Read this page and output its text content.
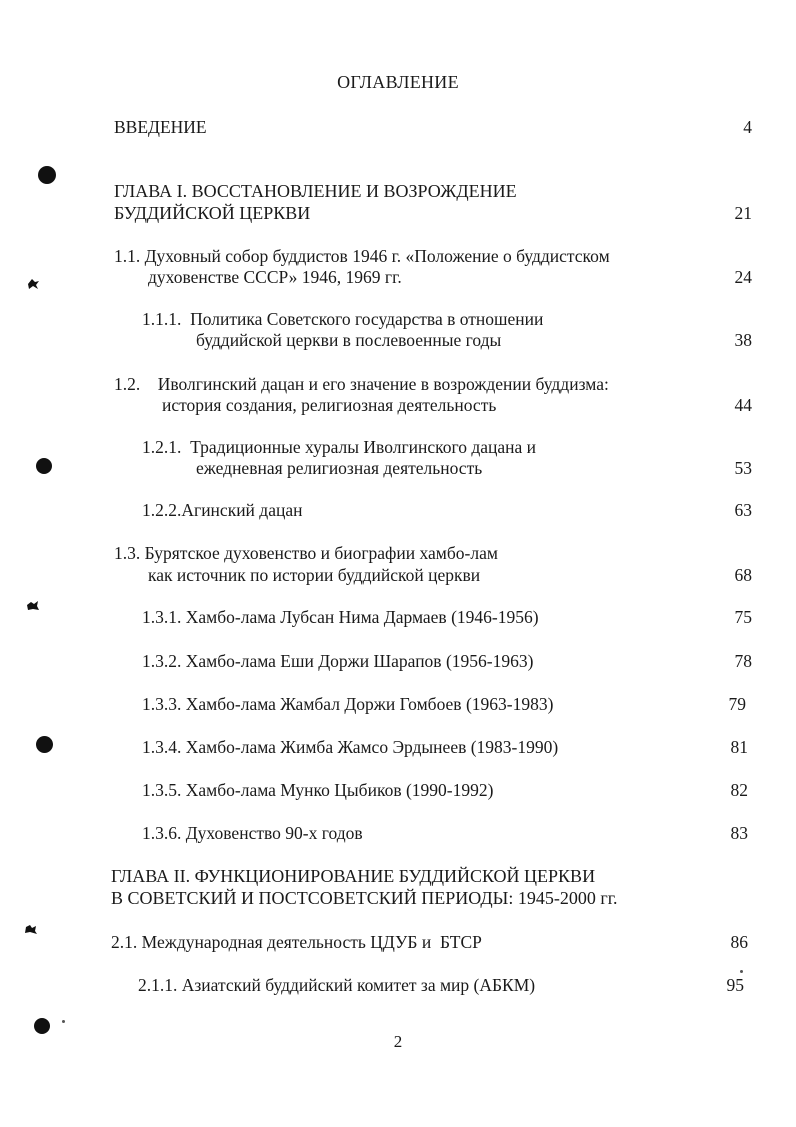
ОГЛАВЛЕНИЕ
ВВЕДЕНИЕ	4
ГЛАВА I. ВОССТАНОВЛЕНИЕ И ВОЗРОЖДЕНИЕ
БУДДИЙСКОЙ ЦЕРКВИ	21
1.1. Духовный собор буддистов 1946 г. «Положение о буддистском
духовенстве СССР» 1946, 1969 гг.	24
1.1.1.  Политика Советского государства в отношении
буддийской церкви в послевоенные годы	38
1.2.    Иволгинский дацан и его значение в возрождении буддизма:
история создания, религиозная деятельность	44
1.2.1.  Традиционные хуралы Иволгинского дацана и
ежедневная религиозная деятельность	53
1.2.2.Агинский дацан	63
1.3. Бурятское духовенство и биографии хамбо-лам
как источник по истории буддийской церкви	68
1.3.1. Хамбо-лама Лубсан Нима Дармаев (1946-1956)	75
1.3.2. Хамбо-лама Еши Доржи Шарапов (1956-1963)	78
1.3.3. Хамбо-лама Жамбал Доржи Гомбоев (1963-1983)	79
1.3.4. Хамбо-лама Жимба Жамсо Эрдынеев (1983-1990)	81
1.3.5. Хамбо-лама Мунко Цыбиков (1990-1992)	82
1.3.6. Духовенство 90-х годов	83
ГЛАВА II. ФУНКЦИОНИРОВАНИЕ БУДДИЙСКОЙ ЦЕРКВИ
В СОВЕТСКИЙ И ПОСТСОВЕТСКИЙ ПЕРИОДЫ: 1945-2000 гг.
2.1. Международная деятельность ЦДУБ и  БТСР	86
2.1.1. Азиатский буддийский комитет за мир (АБКМ)	95
2
